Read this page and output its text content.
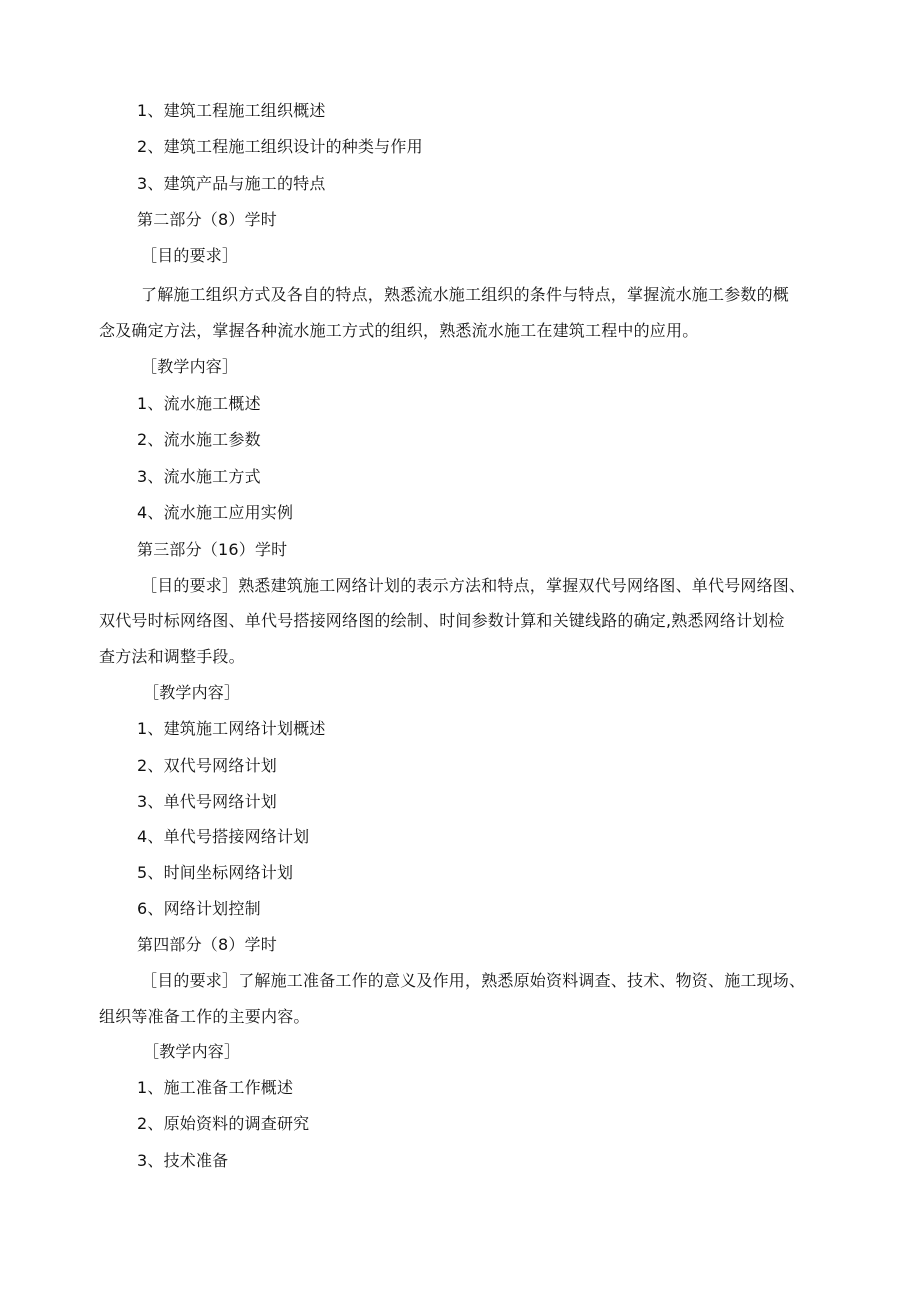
1、建筑工程施工组织概述
2、建筑工程施工组织设计的种类与作用
3、建筑产品与施工的特点
第二部分（8）学时
［目的要求］
了解施工组织方式及各自的特点，熟悉流水施工组织的条件与特点，掌握流水施工参数的概
念及确定方法，掌握各种流水施工方式的组织，熟悉流水施工在建筑工程中的应用。
［教学内容］
1、流水施工概述
2、流水施工参数
3、流水施工方式
4、流水施工应用实例
第三部分（16）学时
［目的要求］熟悉建筑施工网络计划的表示方法和特点，掌握双代号网络图、单代号网络图、
双代号时标网络图、单代号搭接网络图的绘制、时间参数计算和关键线路的确定,熟悉网络计划检
查方法和调整手段。
［教学内容］
1、建筑施工网络计划概述
2、双代号网络计划
3、单代号网络计划
4、单代号搭接网络计划
5、时间坐标网络计划
6、网络计划控制
第四部分（8）学时
［目的要求］了解施工准备工作的意义及作用，熟悉原始资料调查、技术、物资、施工现场、
组织等准备工作的主要内容。
［教学内容］
1、施工准备工作概述
2、原始资料的调查研究
3、技术准备
